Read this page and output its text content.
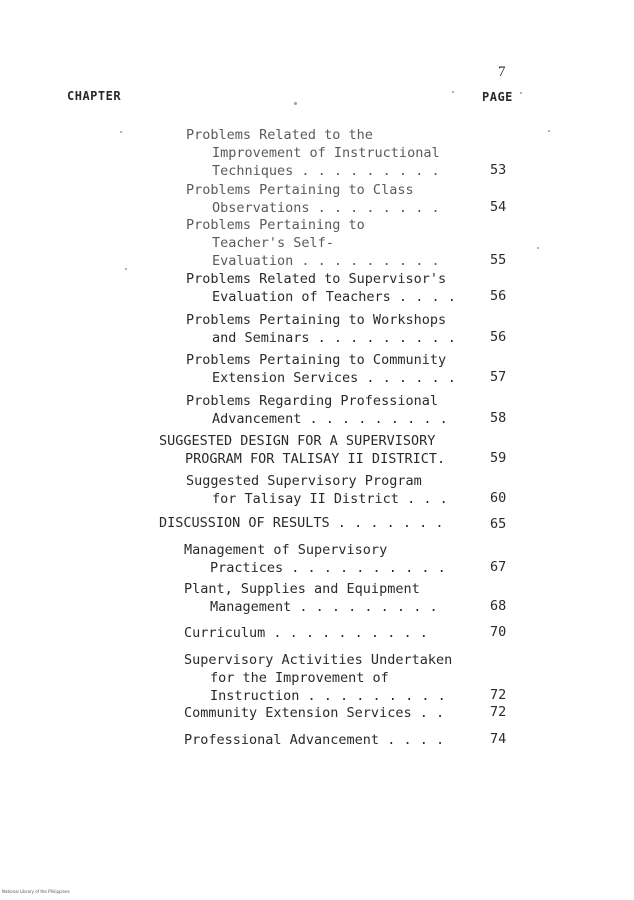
7
CHAPTER	PAGE
Problems Related to the
Improvement of Instructional
Techniques . . . . . . . . .	53
Problems Pertaining to Class
Observations . . . . . . . .	54
Problems Pertaining to
Teacher's Self-
Evaluation . . . . . . . . .	55
Problems Related to Supervisor's
Evaluation of Teachers . . . .	56
Problems Pertaining to Workshops
and Seminars . . . . . . . . .	56
Problems Pertaining to Community
Extension Services . . . . . .	57
Problems Regarding Professional
Advancement . . . . . . . . .	58
SUGGESTED DESIGN FOR A SUPERVISORY
PROGRAM FOR TALISAY II DISTRICT.	59
Suggested Supervisory Program
for Talisay II District . . .	60
DISCUSSION OF RESULTS . . . . . . .	65
Management of Supervisory
Practices . . . . . . . . . .	67
Plant, Supplies and Equipment
Management . . . . . . . . .	68
Curriculum . . . . . . . . . .	70
Supervisory Activities Undertaken
for the Improvement of
Instruction . . . . . . . . .	72
Community Extension Services . .	72
Professional Advancement . . . .	74
National Library of the Philippines
